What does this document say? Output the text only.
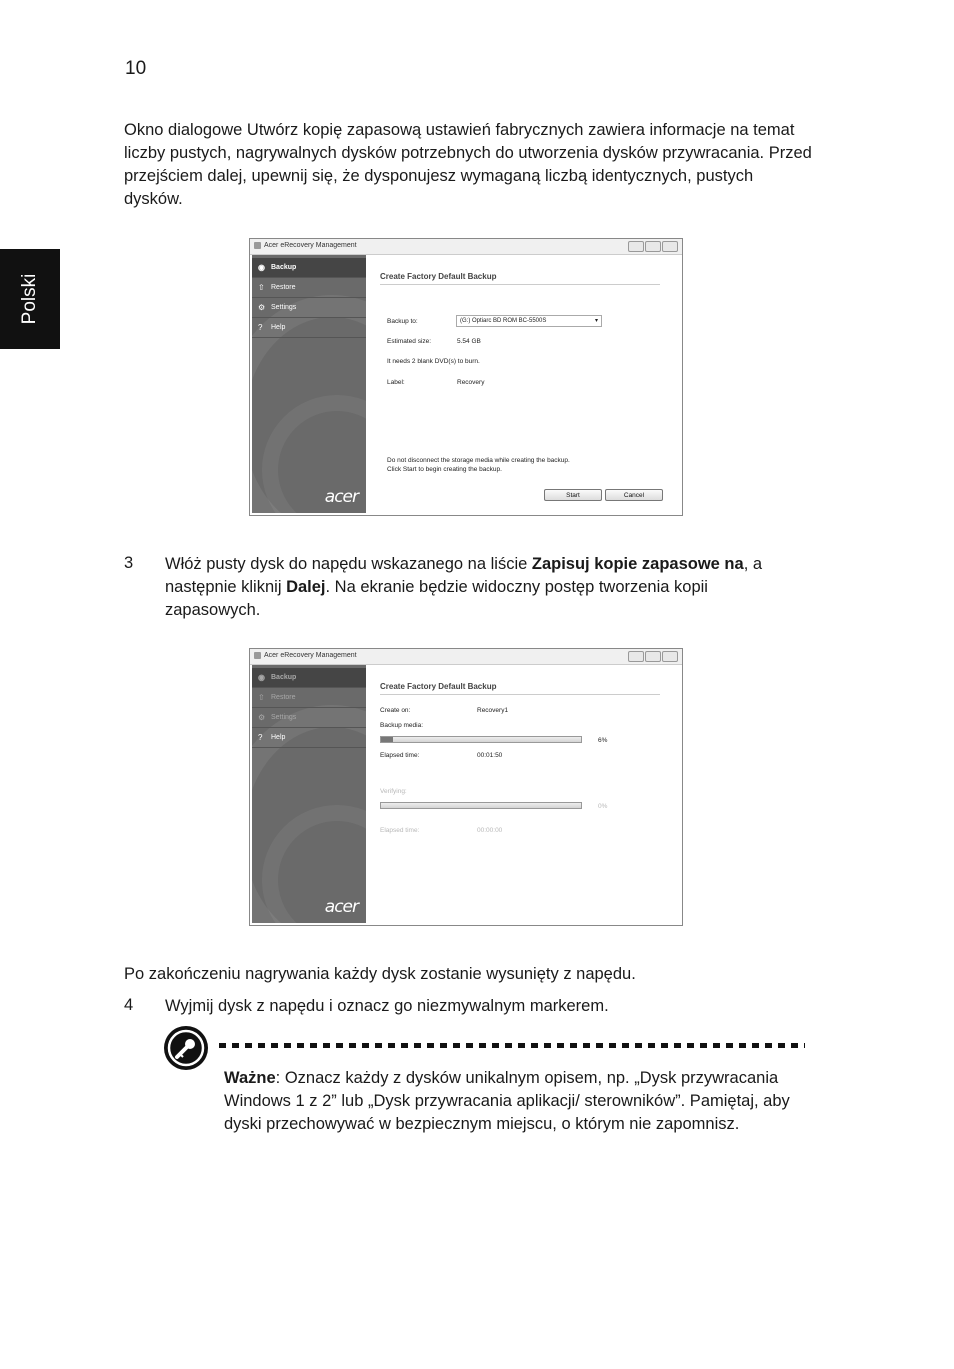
10
Polski
Okno dialogowe Utwórz kopię zapasową ustawień fabrycznych zawiera informacje na temat liczby pustych, nagrywalnych dysków potrzebnych do utworzenia dysków przywracania. Przed przejściem dalej, upewnij się, że dysponujesz wymaganą liczbą identycznych, pustych dysków.
Acer eRecovery Management
◉ Backup
⇧ Restore
⚙ Settings
? Help
acer
Create Factory Default Backup
Backup to:	(G:) Optiarc BD ROM BC-5500S	▾
Estimated size:	5.54 GB
It needs 2 blank DVD(s) to burn.
Label:	Recovery
Do not disconnect the storage media while creating the backup.
Click Start to begin creating the backup.
Start	Cancel
3 Włóż pusty dysk do napędu wskazanego na liście Zapisuj kopie zapasowe na, a następnie kliknij Dalej. Na ekranie będzie widoczny postęp tworzenia kopii zapasowych.
Acer eRecovery Management
◉ Backup
⇧ Restore
⚙ Settings
? Help
acer
Create Factory Default Backup
Create on:	Recovery1
Backup media:
6%
Elapsed time:	00:01:50
Verifying:
0%
Elapsed time:	00:00:00
Po zakończeniu nagrywania każdy dysk zostanie wysunięty z napędu.
4 Wyjmij dysk z napędu i oznacz go niezmywalnym markerem.
Ważne: Oznacz każdy z dysków unikalnym opisem, np. „Dysk przywracania Windows 1 z 2” lub „Dysk przywracania aplikacji/ sterowników”. Pamiętaj, aby dyski przechowywać w bezpiecznym miejscu, o którym nie zapomnisz.
